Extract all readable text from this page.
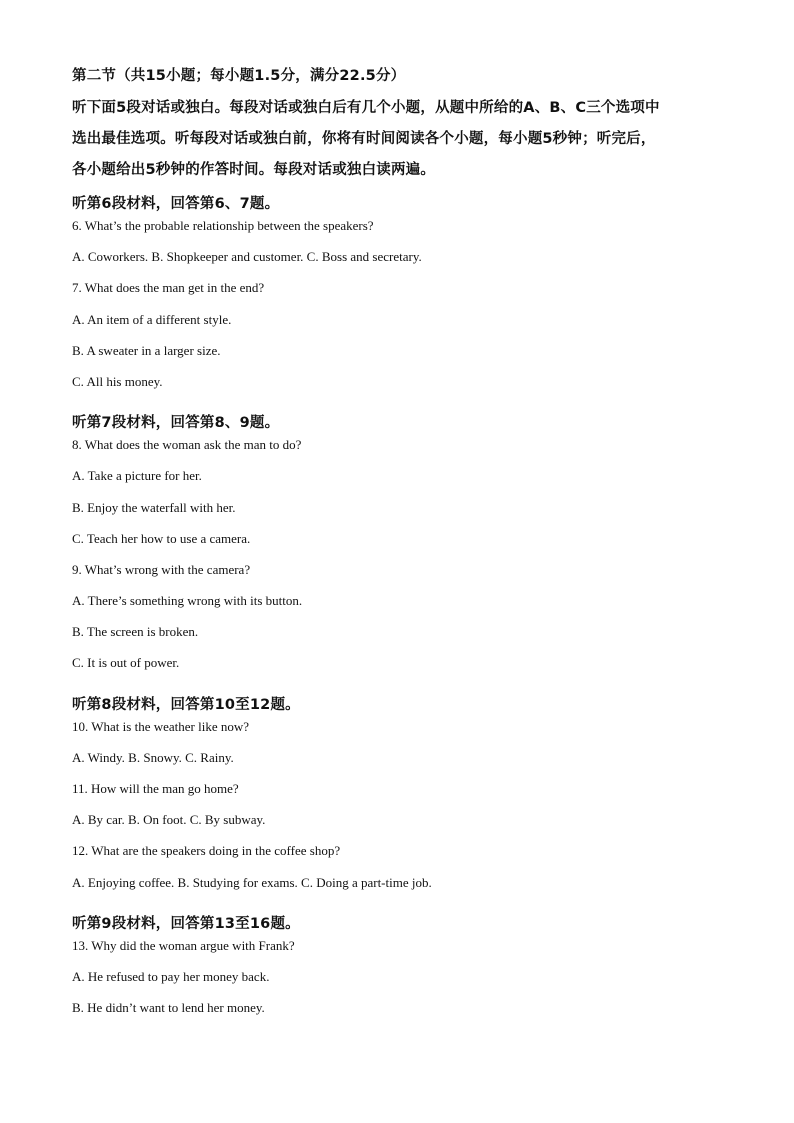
第二节（共15小题；每小题1.5分，满分22.5分）

听下面5段对话或独白。每段对话或独白后有几个小题，从题中所给的A、B、C三个选项中

选出最佳选项。听每段对话或独白前，你将有时间阅读各个小题，每小题5秒钟；听完后，

各小题给出5秒钟的作答时间。每段对话或独白读两遍。

听第6段材料，回答第6、7题。

6. What’s the probable relationship between the speakers?

A. Coworkers. B. Shopkeeper and customer. C. Boss and secretary.

7. What does the man get in the end?

A. An item of a different style.

B. A sweater in a larger size.

C. All his money.

听第7段材料，回答第8、9题。

8. What does the woman ask the man to do?

A. Take a picture for her.

B. Enjoy the waterfall with her.

C. Teach her how to use a camera.

9. What’s wrong with the camera?

A. There’s something wrong with its button.

B. The screen is broken.

C. It is out of power.

听第8段材料，回答第10至12题。

10. What is the weather like now?

A. Windy. B. Snowy. C. Rainy.

11. How will the man go home?

A. By car. B. On foot. C. By subway.

12. What are the speakers doing in the coffee shop?

A. Enjoying coffee. B. Studying for exams. C. Doing a part-time job.

听第9段材料，回答第13至16题。

13. Why did the woman argue with Frank?

A. He refused to pay her money back.

B. He didn’t want to lend her money.
